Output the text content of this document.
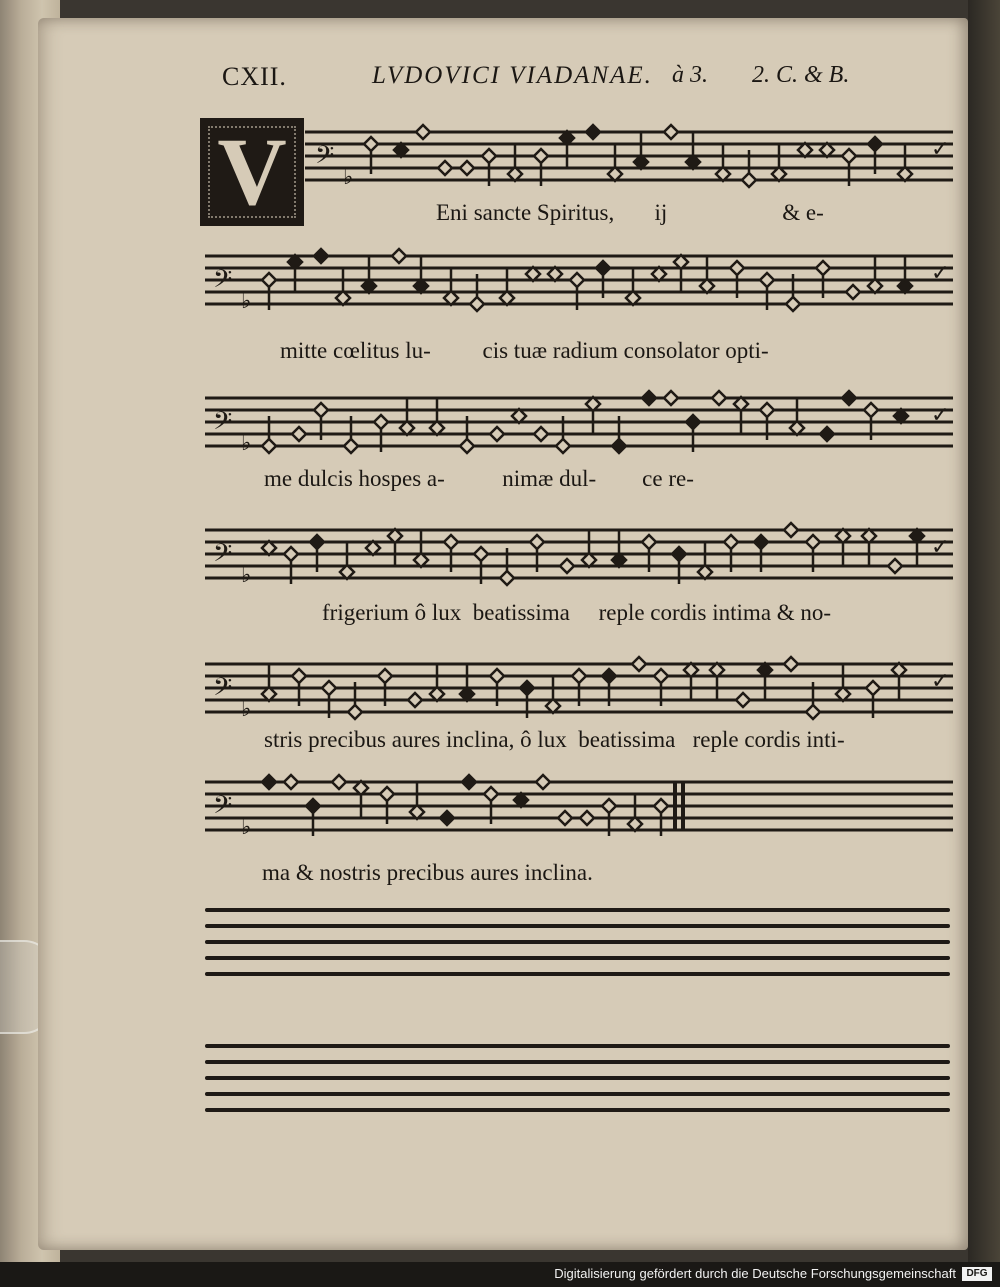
CXII.	LVDOVICI VIADANAE. à 3. 2. C. & B.
V 𝄢
♭
✓
Eni sancte Spiritus,       ij                    & e-
𝄢
♭
✓
mitte cœlitus lu-         cis tuæ radium consolator opti-
𝄢
♭
✓
me dulcis hospes a-          nimæ dul-        ce re-
𝄢
♭
✓
frigerium ô lux  beatissima     reple cordis intima & no-
𝄢
♭
✓
stris precibus aures inclina, ô lux  beatissima   reple cordis inti-
𝄢
♭
ma & nostris precibus aures inclina.
Digitalisierung gefördert durch die Deutsche Forschungsgemeinschaft	DFG
